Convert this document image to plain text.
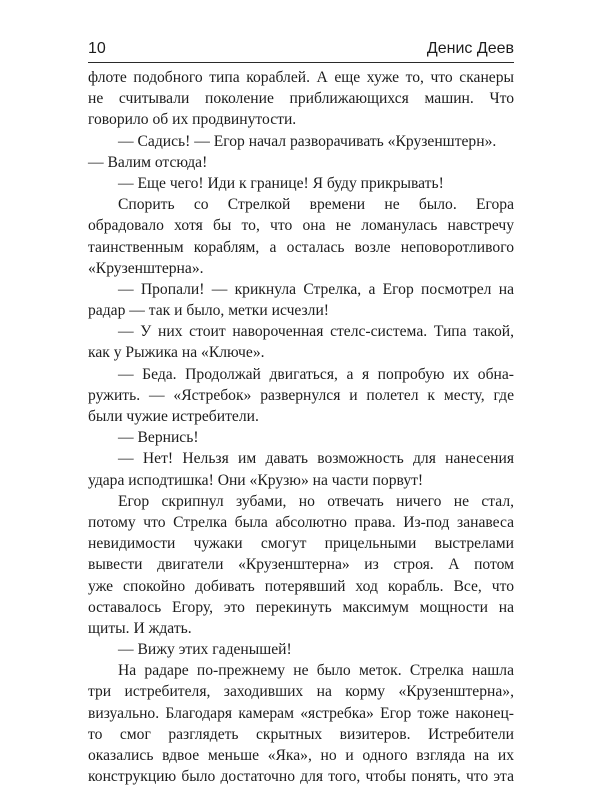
10	Денис Деев
флоте подобного типа кораблей. А еще хуже то, что сканеры
не считывали поколение приближающихся машин. Что
говорило об их продвинутости.
— Садись! — Егор начал разворачивать «Крузенштерн».
— Валим отсюда!
— Еще чего! Иди к границе! Я буду прикрывать!
Спорить со Стрелкой времени не было. Егора
обрадовало хотя бы то, что она не ломанулась навстречу
таинственным кораблям, а осталась возле неповоротливого
«Крузенштерна».
— Пропали! — крикнула Стрелка, а Егор посмотрел на
радар — так и было, метки исчезли!
— У них стоит навороченная стелс-система. Типа такой,
как у Рыжика на «Ключе».
— Беда. Продолжай двигаться, а я попробую их обна-
ружить. — «Ястребок» развернулся и полетел к месту, где
были чужие истребители.
— Вернись!
— Нет! Нельзя им давать возможность для нанесения
удара исподтишка! Они «Крузю» на части порвут!
Егор скрипнул зубами, но отвечать ничего не стал,
потому что Стрелка была абсолютно права. Из-под занавеса
невидимости чужаки смогут прицельными выстрелами
вывести двигатели «Крузенштерна» из строя. А потом
уже спокойно добивать потерявший ход корабль. Все, что
оставалось Егору, это перекинуть максимум мощности на
щиты. И ждать.
— Вижу этих гаденышей!
На радаре по-прежнему не было меток. Стрелка нашла
три истребителя, заходивших на корму «Крузенштерна»,
визуально. Благодаря камерам «ястребка» Егор тоже наконец-
то смог разглядеть скрытных визитеров. Истребители
оказались вдвое меньше «Яка», но и одного взгляда на их
конструкцию было достаточно для того, чтобы понять, что эта
